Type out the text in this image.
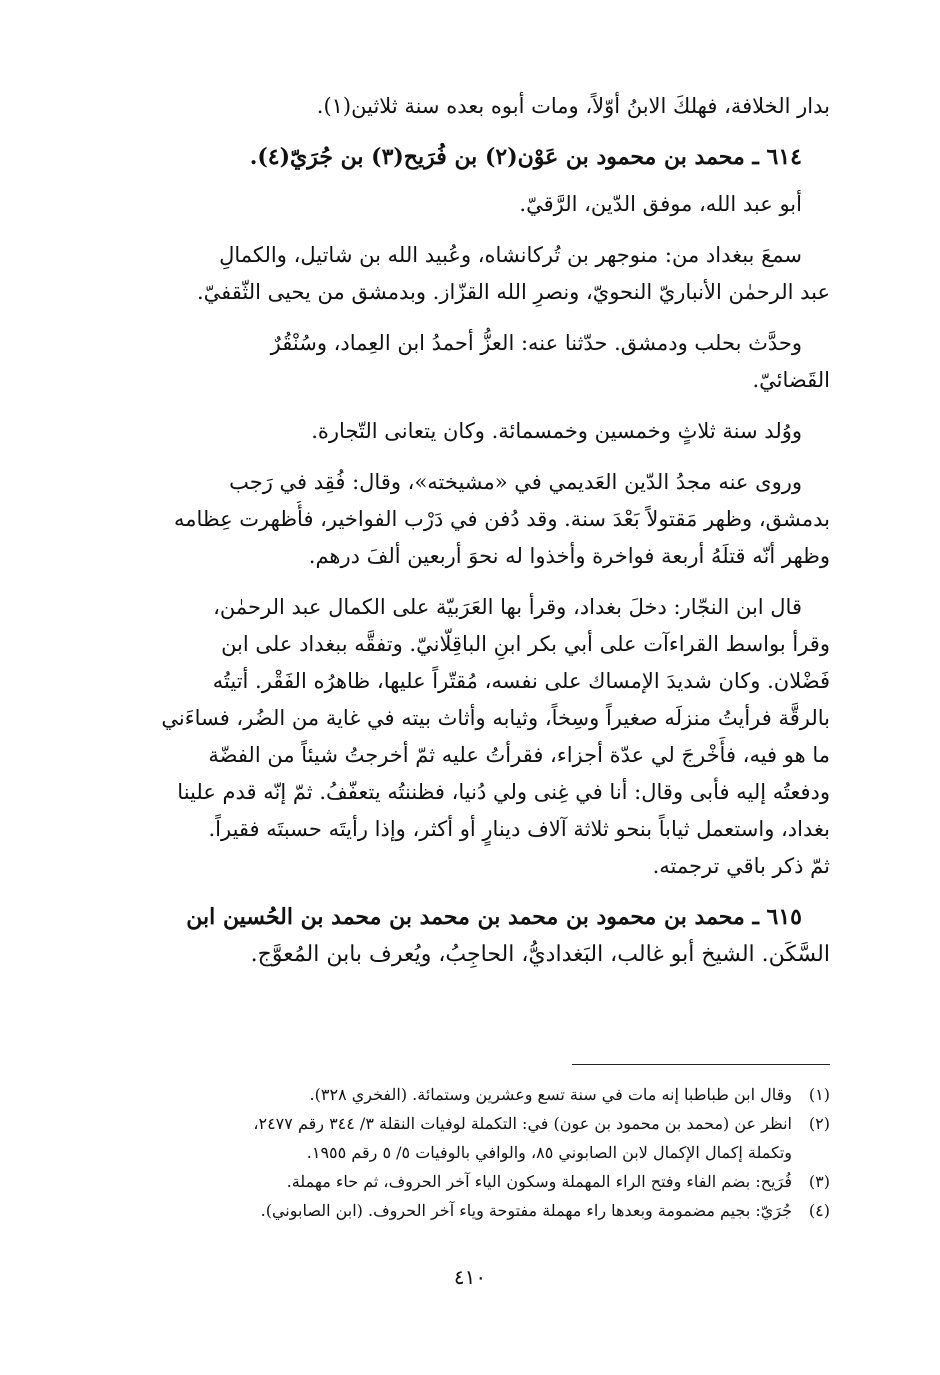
بدار الخلافة، فهلكَ الابنُ أوّلاً، ومات أبوه بعده سنة ثلاثين(١).
٦١٤ ـ محمد بن محمود بن عَوْن(٢) بن فُرَيح(٣) بن جُرَيّ(٤).
أبو عبد الله، موفق الدّين، الرَّقيّ.
سمعَ ببغداد من: منوجهر بن تُركانشاه، وعُبيد الله بن شاتيل، والكمالِ
عبد الرحمٰن الأنباريّ النحويّ، ونصرِ الله القزّاز. وبدمشق من يحيى الثّقفيّ.
وحدَّث بحلب ودمشق. حدّثنا عنه: العزُّ أحمدُ ابن العِماد، وسُنْقُرٌ
القَضائيّ.
ووُلد سنة ثلاثٍ وخمسين وخمسمائة. وكان يتعانى التّجارة.
وروى عنه مجدُ الدّين العَديمي في «مشيخته»، وقال: فُقِد في رَجب
بدمشق، وظهر مَقتولاً بَعْدَ سنة. وقد دُفن في دَرْب الفواخير، فأُظهرت عِظامه
وظهر أنّه قتلَهُ أربعة فواخرة وأخذوا له نحوَ أربعين ألفَ درهم.
قال ابن النجّار: دخلَ بغداد، وقرأ بها العَرَبيّة على الكمال عبد الرحمٰن،
وقرأ بواسط القراءآت على أبي بكر ابنِ الباقِلّانيّ. وتفقَّه ببغداد على ابن
فَضْلان. وكان شديدَ الإمساك على نفسه، مُقتّراً عليها، ظاهرُه الفَقْر. أتيتُه
بالرقَّة فرأيتُ منزلَه صغيراً وسِخاً، وثيابه وأثاث بيته في غاية من الضُر، فساءَني
ما هو فيه، فأَخْرجَ لي عدّة أجزاء، فقرأتُ عليه ثمّ أخرجتُ شيئاً من الفضّة
ودفعتُه إليه فأبى وقال: أنا في غِنى ولي دُنيا، فظننتُه يتعفّفُ. ثمّ إنّه قدم علينا
بغداد، واستعمل ثياباً بنحو ثلاثة آلاف دينارٍ أو أكثر، وإذا رأيتَه حسبتَه فقيراً.
ثمّ ذكر باقي ترجمته.
٦١٥ ـ محمد بن محمود بن محمد بن محمد بن محمد بن الحُسين ابن
السَّكَن. الشيخ أبو غالب، البَغداديُّ، الحاجِبُ، ويُعرف بابن المُعوَّج.
(١)
وقال ابن طباطبا إنه مات في سنة تسع وعشرين وستمائة. (الفخري ٣٢٨).
(٢)
انظر عن (محمد بن محمود بن عون) في: التكملة لوفيات النقلة ٣/ ٣٤٤ رقم ٢٤٧٧،
وتكملة إكمال الإكمال لابن الصابوني ٨٥، والوافي بالوفيات ٥/ ٥ رقم ١٩٥٥.
(٣)
فُرَيح: بضم الفاء وفتح الراء المهملة وسكون الياء آخر الحروف، ثم حاء مهملة.
(٤)
جُرَيّ: بجيم مضمومة وبعدها راء مهملة مفتوحة وياء آخر الحروف. (ابن الصابوني).
٤١٠
